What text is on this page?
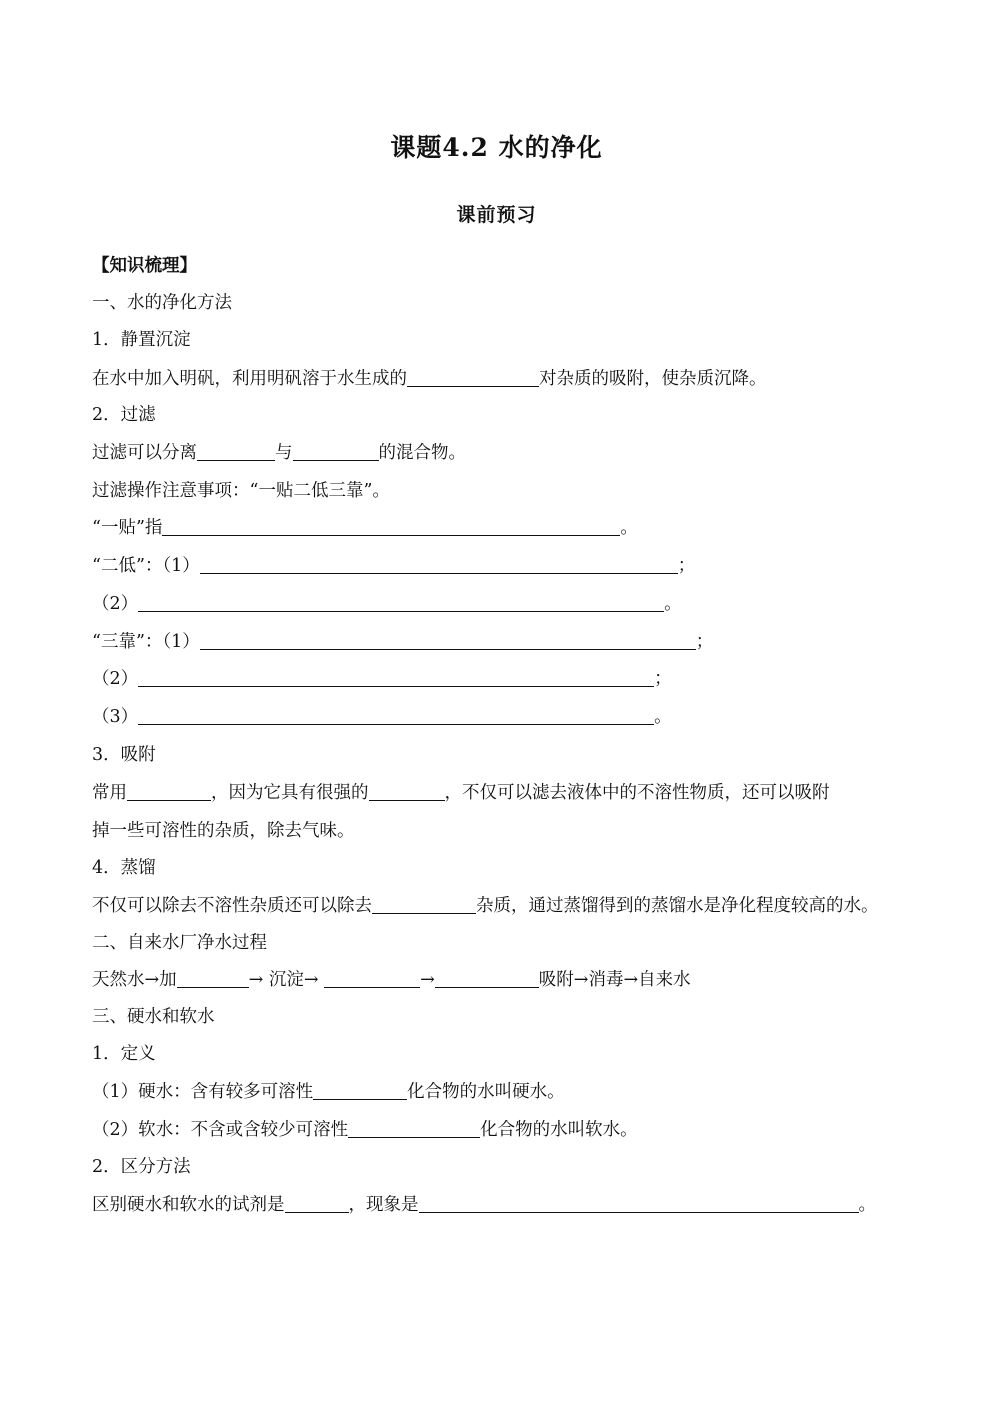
课题4.2 水的净化
课前预习
【知识梳理】
一、水的净化方法
1．静置沉淀
在水中加入明矾，利用明矾溶于水生成的	对杂质的吸附，使杂质沉降。
2．过滤
过滤可以分离	与	的混合物。
过滤操作注意事项：“一贴二低三靠”。
“一贴”指	。
“二低”：（1）	；
（2）	。
“三靠”：（1）	；
（2）	；
（3）	。
3．吸附
常用	，因为它具有很强的	，不仅可以滤去液体中的不溶性物质，还可以吸附
掉一些可溶性的杂质，除去气味。
4．蒸馏
不仅可以除去不溶性杂质还可以除去	杂质，通过蒸馏得到的蒸馏水是净化程度较高的水。
二、自来水厂净水过程
天然水→加	→ 沉淀→	→	吸附→消毒→自来水
三、硬水和软水
1．定义
（1）硬水：含有较多可溶性	化合物的水叫硬水。
（2）软水：不含或含较少可溶性	化合物的水叫软水。
2．区分方法
区别硬水和软水的试剂是	，现象是	。
